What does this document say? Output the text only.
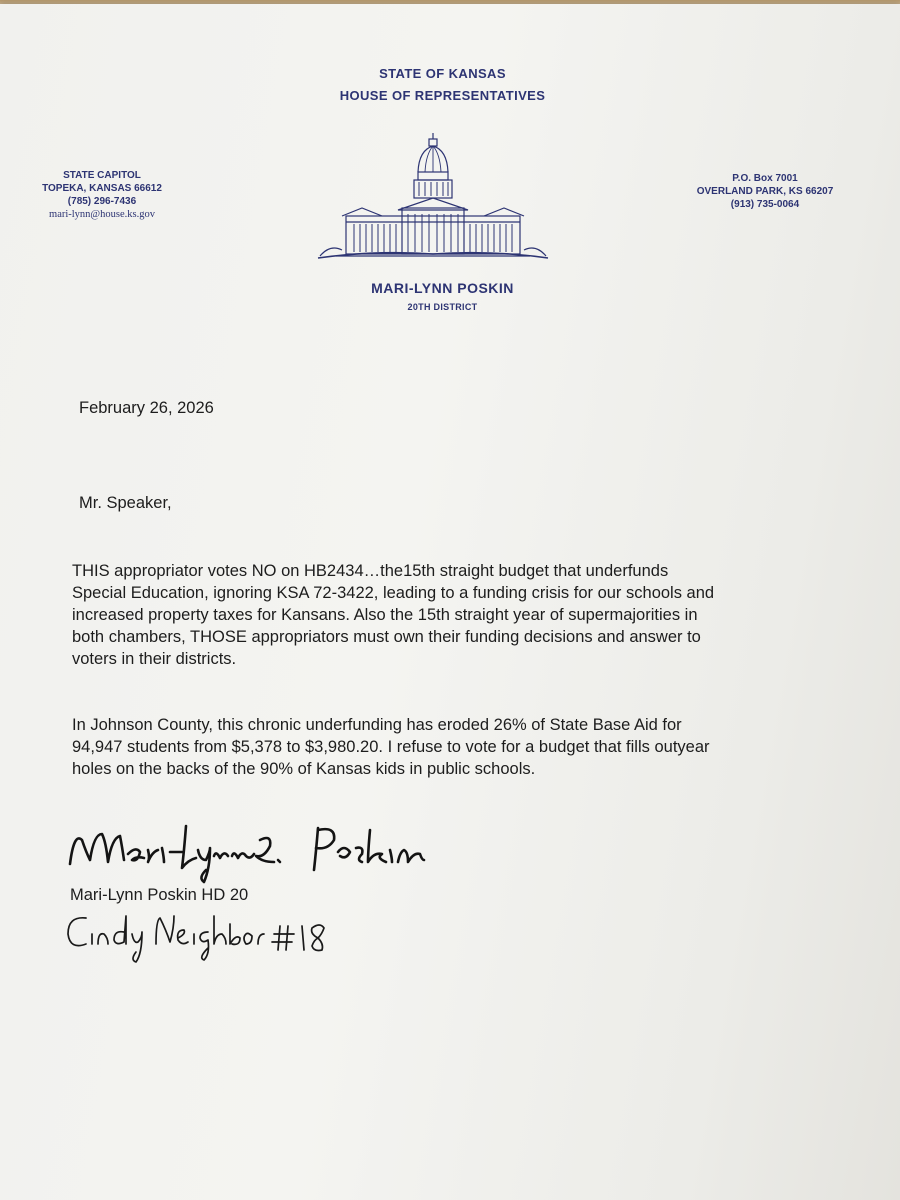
STATE OF KANSAS
HOUSE OF REPRESENTATIVES
STATE CAPITOL
TOPEKA, KANSAS 66612
(785) 296-7436
mari-lynn@house.ks.gov
P.O. Box 7001
OVERLAND PARK, KS 66207
(913) 735-0064
MARI-LYNN POSKIN
20TH DISTRICT
February 26, 2026
Mr. Speaker,
THIS appropriator votes NO on HB2434…the15th straight budget that underfunds
Special Education, ignoring KSA 72-3422, leading to a funding crisis for our schools and
increased property taxes for Kansans. Also the 15th straight year of supermajorities in
both chambers, THOSE appropriators must own their funding decisions and answer to
voters in their districts.
In Johnson County, this chronic underfunding has eroded 26% of State Base Aid for
94,947 students from $5,378 to $3,980.20. I refuse to vote for a budget that fills outyear
holes on the backs of the 90% of Kansas kids in public schools.
Mari-Lynn Poskin HD 20
